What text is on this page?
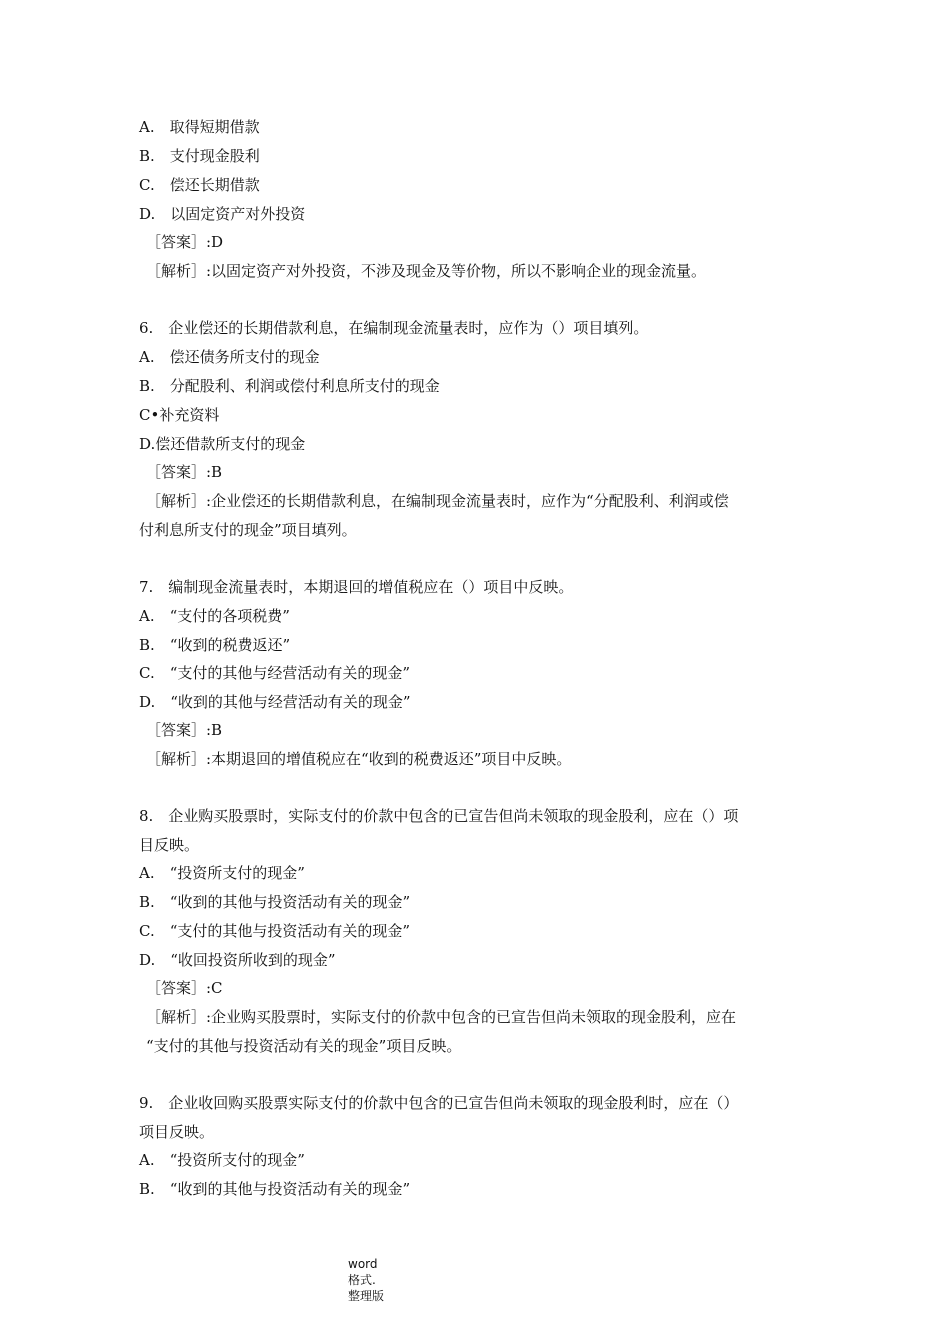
A.　取得短期借款
B.　支付现金股利
C.　偿还长期借款
D.　以固定资产对外投资
［答案］:D
［解析］:以固定资产对外投资，不涉及现金及等价物，所以不影响企业的现金流量。
6.　企业偿还的长期借款利息，在编制现金流量表时，应作为（）项目填列。
A.　偿还债务所支付的现金
B.　分配股利、利润或偿付利息所支付的现金
C•补充资料
D.偿还借款所支付的现金
［答案］:B
［解析］:企业偿还的长期借款利息，在编制现金流量表时，应作为“分配股利、利润或偿
付利息所支付的现金”项目填列。
7.　编制现金流量表时，本期退回的增值税应在（）项目中反映。
A.　“支付的各项税费”
B.　“收到的税费返还”
C.　“支付的其他与经营活动有关的现金”
D.　“收到的其他与经营活动有关的现金”
［答案］:B
［解析］:本期退回的增值税应在“收到的税费返还”项目中反映。
8.　企业购买股票时，实际支付的价款中包含的已宣告但尚未领取的现金股利，应在（）项
目反映。
A.　“投资所支付的现金”
B.　“收到的其他与投资活动有关的现金”
C.　“支付的其他与投资活动有关的现金”
D.　“收回投资所收到的现金”
［答案］:C
［解析］:企业购买股票时，实际支付的价款中包含的已宣告但尚未领取的现金股利，应在
“支付的其他与投资活动有关的现金”项目反映。
9.　企业收回购买股票实际支付的价款中包含的已宣告但尚未领取的现金股利时，应在（）
项目反映。
A.　“投资所支付的现金”
B.　“收到的其他与投资活动有关的现金”
word
格式.
整理版
